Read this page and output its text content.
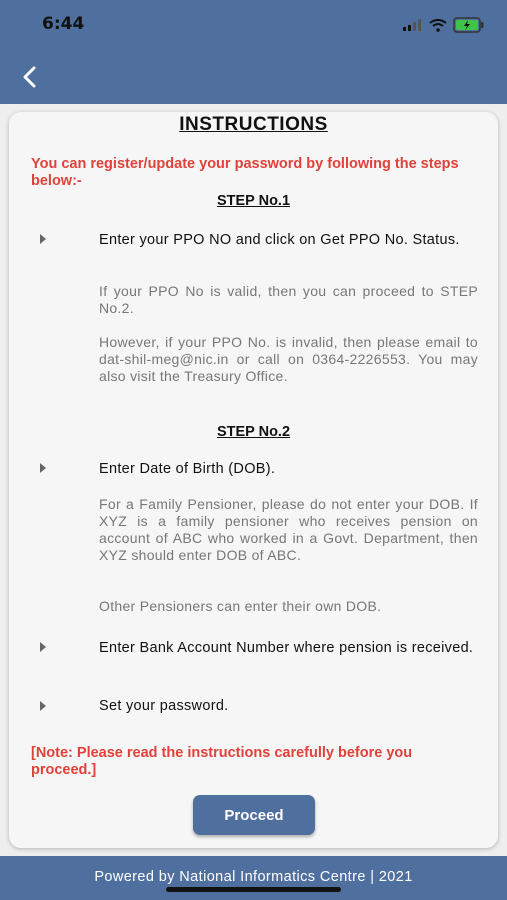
6:44
INSTRUCTIONS
You can register/update your password by following the steps below:-
STEP No.1
Enter your PPO NO and click on Get PPO No. Status.
If your PPO No is valid, then you can proceed to STEP No.2.
However, if your PPO No. is invalid, then please email to dat-shil-meg@nic.in or call on 0364-2226553. You may also visit the Treasury Office.
STEP No.2
Enter Date of Birth (DOB).
For a Family Pensioner, please do not enter your DOB. If XYZ is a family pensioner who receives pension on account of ABC who worked in a Govt. Department, then XYZ should enter DOB of ABC.
Other Pensioners can enter their own DOB.
Enter Bank Account Number where pension is received.
Set your password.
[Note: Please read the instructions carefully before you proceed.]
Proceed
Powered by National Informatics Centre | 2021
